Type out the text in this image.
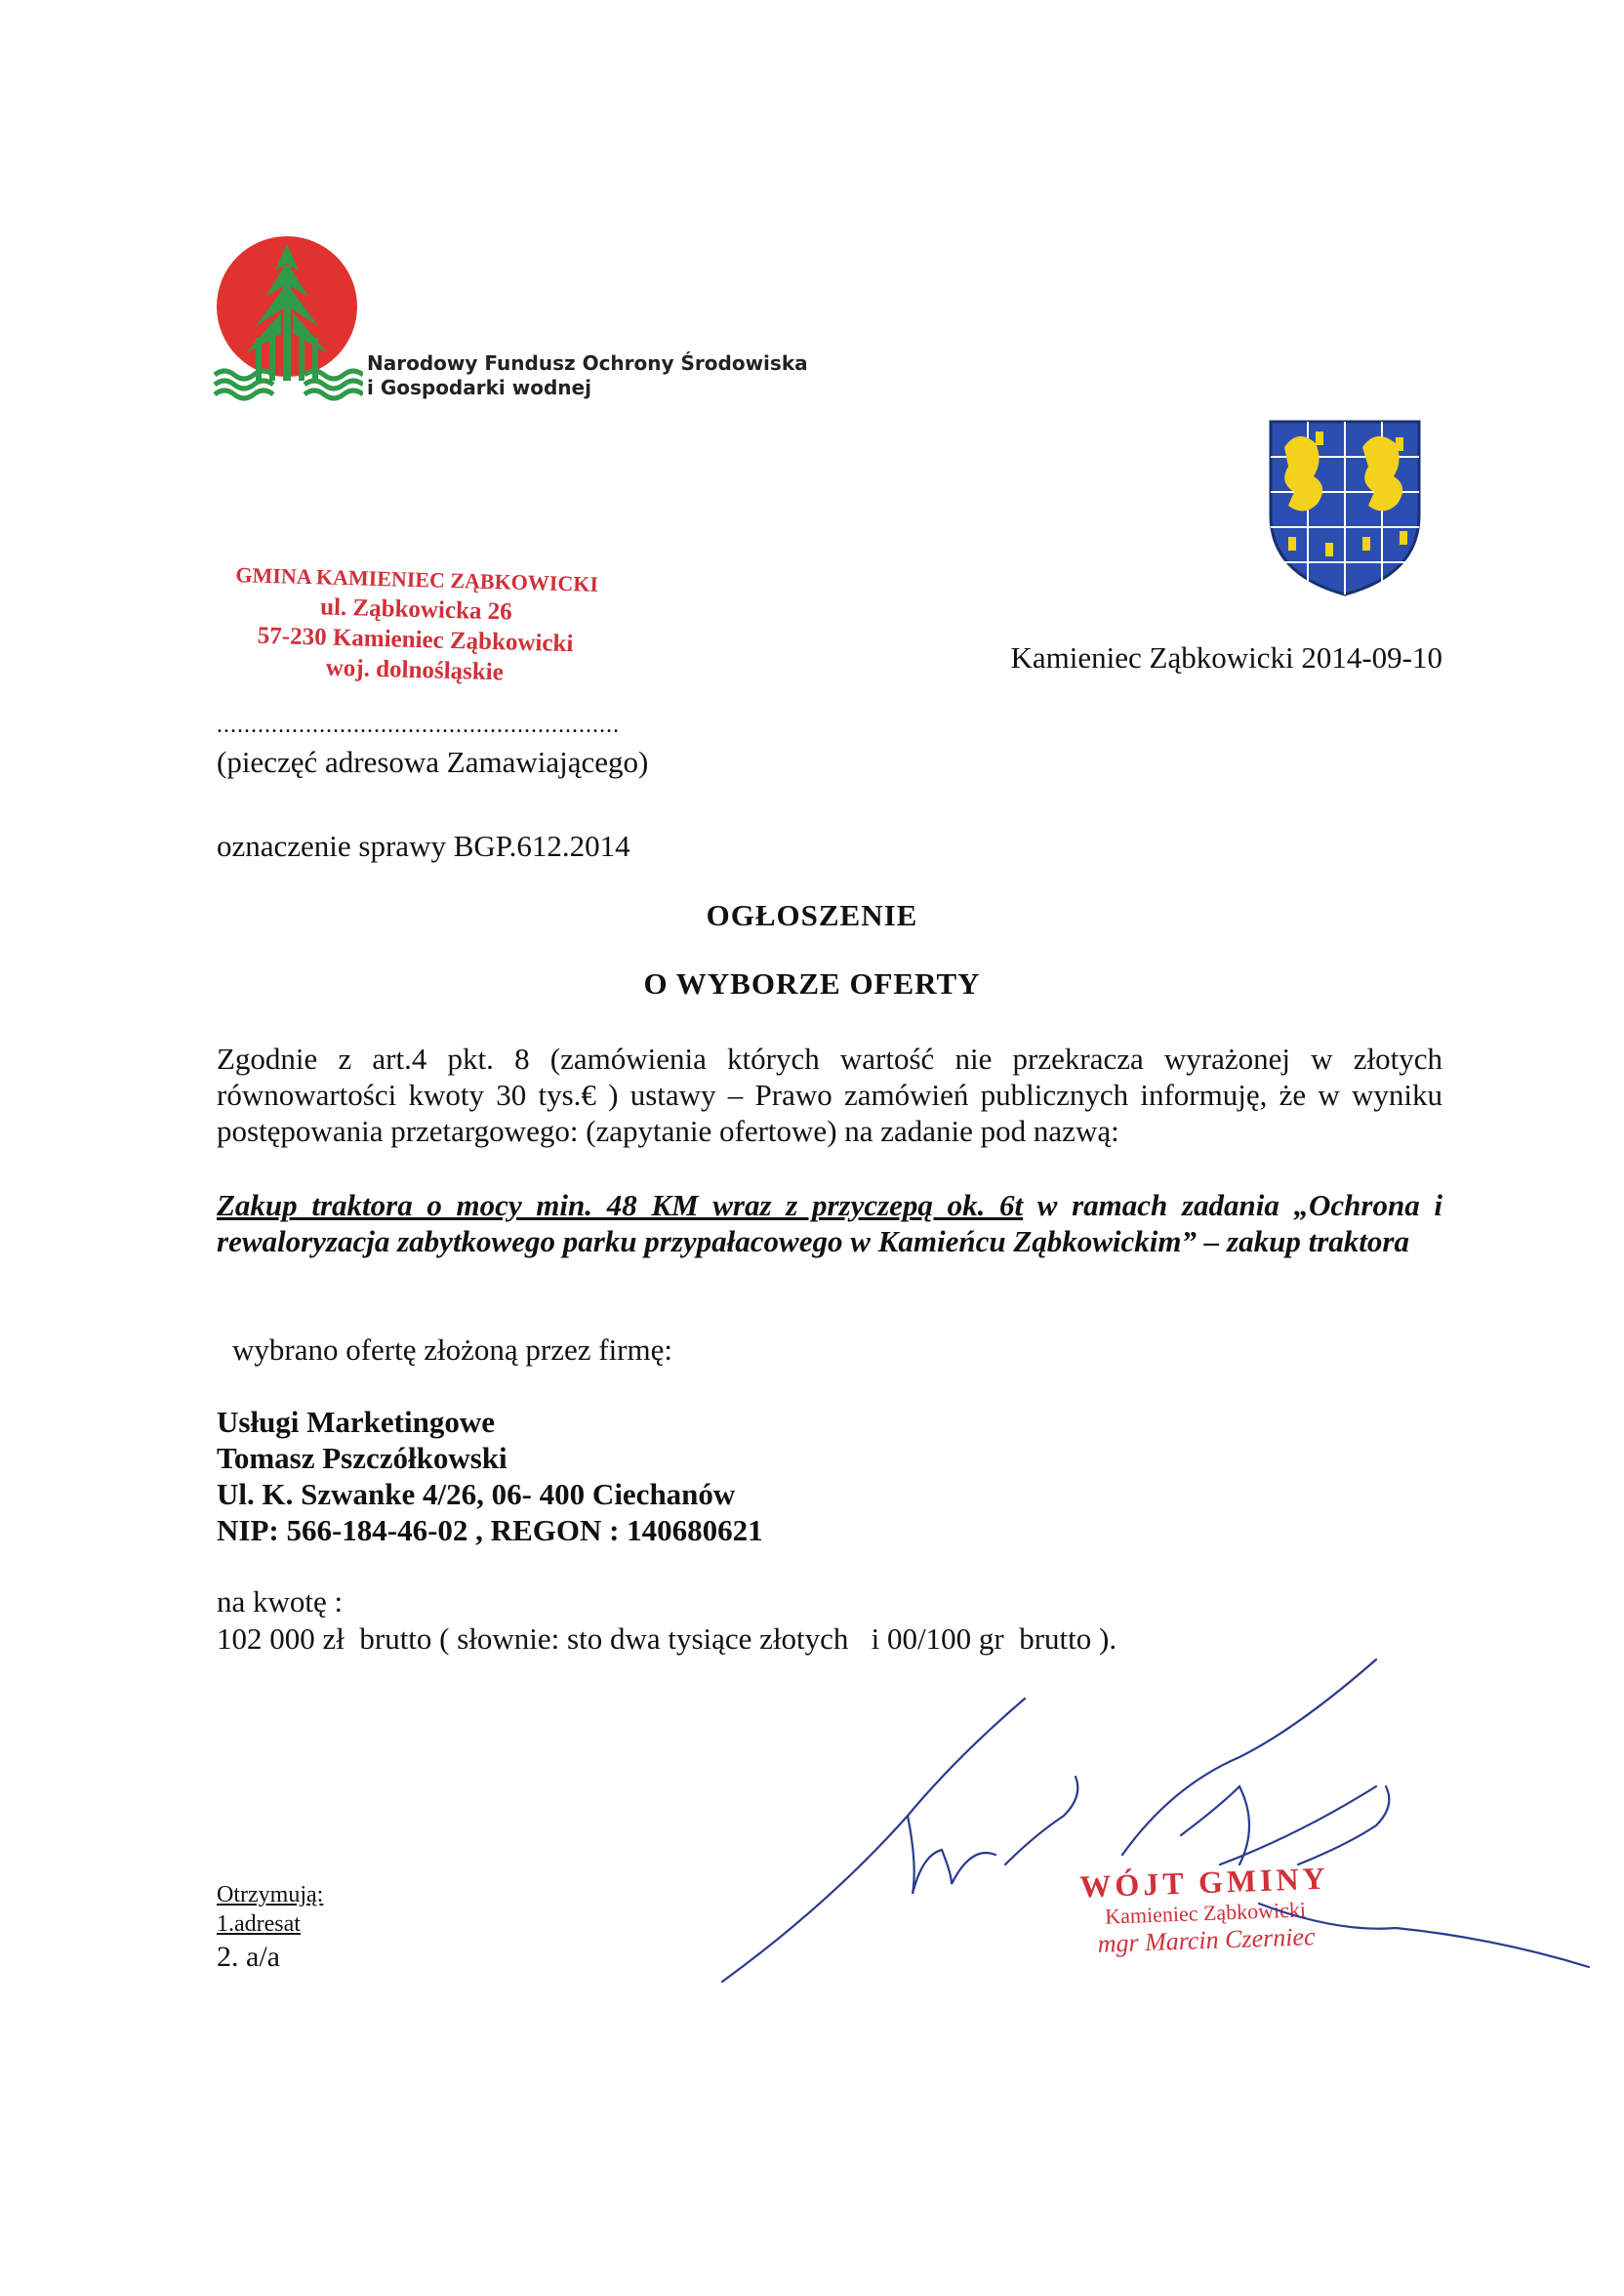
Narodowy Fundusz Ochrony Środowiska
i Gospodarki wodnej
GMINA KAMIENIEC ZĄBKOWICKI
ul. Ząbkowicka 26
57-230 Kamieniec Ząbkowicki
woj. dolnośląskie	Kamieniec Ząbkowicki 2014-09-10
...........................................................
(pieczęć adresowa Zamawiającego)
oznaczenie sprawy BGP.612.2014
OGŁOSZENIE
O WYBORZE OFERTY
Zgodnie z art.4 pkt. 8 (zamówienia których wartość nie przekracza wyrażonej w złotych równowartości kwoty 30 tys.€ ) ustawy – Prawo zamówień publicznych informuję, że w wyniku postępowania przetargowego: (zapytanie ofertowe) na zadanie pod nazwą:
Zakup traktora o mocy min. 48 KM wraz z przyczepą ok. 6t w ramach zadania „Ochrona i rewaloryzacja zabytkowego parku przypałacowego w Kamieńcu Ząbkowickim” – zakup traktora
wybrano ofertę złożoną przez firmę:
Usługi Marketingowe
Tomasz Pszczółkowski
Ul. K. Szwanke 4/26, 06- 400 Ciechanów
NIP: 566-184-46-02 , REGON : 140680621
na kwotę :
102 000 zł  brutto ( słownie: sto dwa tysiące złotych   i 00/100 gr  brutto ).
Otrzymują:
1.adresat
2. a/a
WÓJT GMINY
Kamieniec Ząbkowicki
mgr Marcin Czerniec
